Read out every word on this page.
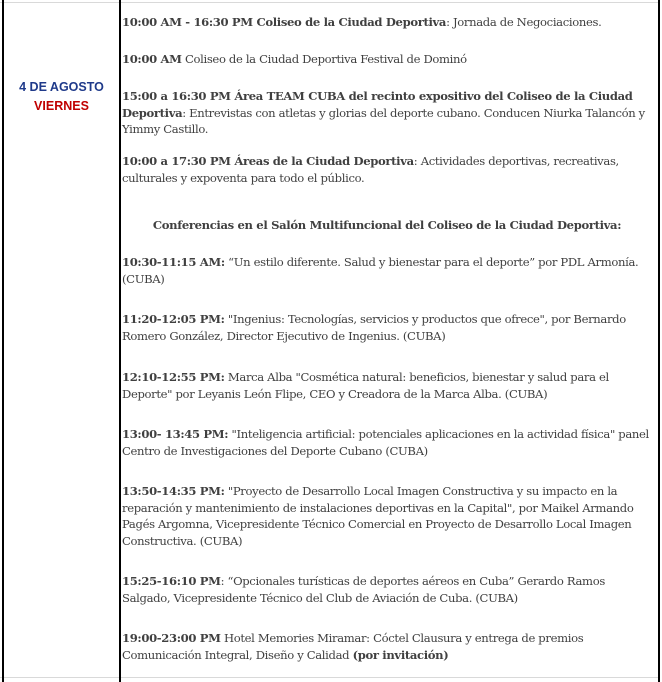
4 DE AGOSTO
VIERNES

10:00 AM - 16:30 PM Coliseo de la Ciudad Deportiva: Jornada de Negociaciones.

10:00 AM Coliseo de la Ciudad Deportiva Festival de Dominó

15:00 a 16:30 PM Área TEAM CUBA del recinto expositivo del Coliseo de la Ciudad Deportiva: Entrevistas con atletas y glorias del deporte cubano. Conducen Niurka Talancón y Yimmy Castillo.

10:00 a 17:30 PM Áreas de la Ciudad Deportiva: Actividades deportivas, recreativas, culturales y expoventa para todo el público.

Conferencias en el Salón Multifuncional del Coliseo de la Ciudad Deportiva:

10:30-11:15 AM: “Un estilo diferente. Salud y bienestar para el deporte” por PDL Armonía. (CUBA)

11:20-12:05 PM: "Ingenius: Tecnologías, servicios y productos que ofrece", por Bernardo Romero González, Director Ejecutivo de Ingenius. (CUBA)

12:10-12:55 PM: Marca Alba "Cosmética natural: beneficios, bienestar y salud para el Deporte" por Leyanis León Flipe, CEO y Creadora de la Marca Alba. (CUBA)

13:00- 13:45 PM: "Inteligencia artificial: potenciales aplicaciones en la actividad física" panel Centro de Investigaciones del Deporte Cubano (CUBA)

13:50-14:35 PM: "Proyecto de Desarrollo Local Imagen Constructiva y su impacto en la reparación y mantenimiento de instalaciones deportivas en la Capital", por Maikel Armando Pagés Argomna, Vicepresidente Técnico Comercial en Proyecto de Desarrollo Local Imagen Constructiva. (CUBA)

15:25-16:10 PM: “Opcionales turísticas de deportes aéreos en Cuba” Gerardo Ramos Salgado, Vicepresidente Técnico del Club de Aviación de Cuba. (CUBA)

19:00-23:00 PM Hotel Memories Miramar: Cóctel Clausura y entrega de premios Comunicación Integral, Diseño y Calidad (por invitación)
